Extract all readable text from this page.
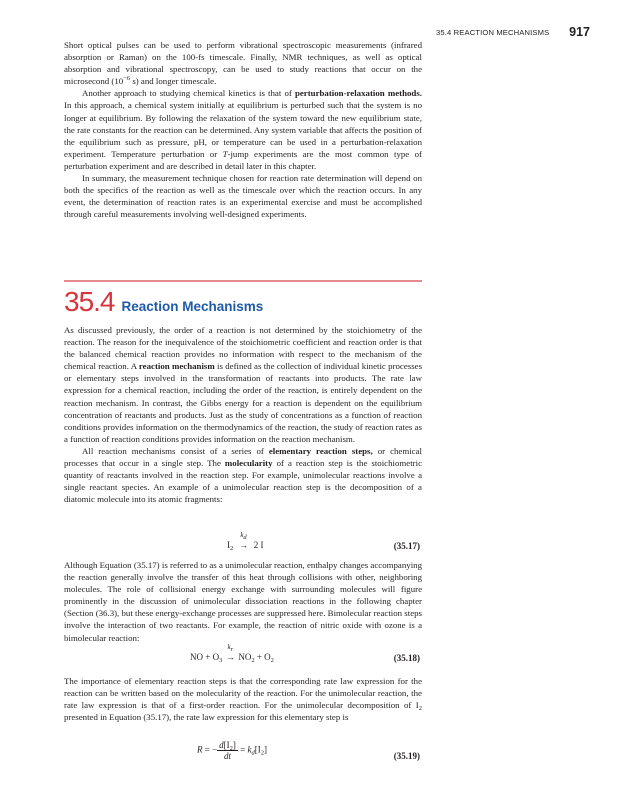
35.4 REACTION MECHANISMS 917

Short optical pulses can be used to perform vibrational spectroscopic measurements (infrared absorption or Raman) on the 100-fs timescale. Finally, NMR techniques, as well as optical absorption and vibrational spectroscopy, can be used to study reactions that occur on the microsecond ($10^{-6}$ s) and longer timescale.

Another approach to studying chemical kinetics is that of perturbation-relaxation methods. In this approach, a chemical system initially at equilibrium is perturbed such that the system is no longer at equilibrium. By following the relaxation of the system toward the new equilibrium state, the rate constants for the reaction can be determined. Any system variable that affects the position of the equilibrium such as pressure, pH, or temperature can be used in a perturbation-relaxation experiment. Temperature perturbation or T-jump experiments are the most common type of perturbation experiment and are described in detail later in this chapter.

In summary, the measurement technique chosen for reaction rate determination will depend on both the specifics of the reaction as well as the timescale over which the reaction occurs. In any event, the determination of reaction rates is an experimental exercise and must be accomplished through careful measurements involving well-designed experiments.

35.4 Reaction Mechanisms

As discussed previously, the order of a reaction is not determined by the stoichiometry of the reaction. The reason for the inequivalence of the stoichiometric coefficient and reaction order is that the balanced chemical reaction provides no information with respect to the mechanism of the chemical reaction. A reaction mechanism is defined as the collection of individual kinetic processes or elementary steps involved in the transformation of reactants into products. The rate law expression for a chemical reaction, including the order of the reaction, is entirely dependent on the reaction mechanism. In contrast, the Gibbs energy for a reaction is dependent on the equilibrium concentration of reactants and products. Just as the study of concentrations as a function of reaction conditions provides information on the thermodynamics of the reaction, the study of reaction rates as a function of reaction conditions provides information on the reaction mechanism.

All reaction mechanisms consist of a series of elementary reaction steps, or chemical processes that occur in a single step. The molecularity of a reaction step is the stoichiometric quantity of reactants involved in the reaction step. For example, unimolecular reactions involve a single reactant species. An example of a unimolecular reaction step is the decomposition of a diatomic molecule into its atomic fragments:

$I_2$
$k_d$
→ 2 I	(35.17)

Although Equation (35.17) is referred to as a unimolecular reaction, enthalpy changes accompanying the reaction generally involve the transfer of this heat through collisions with other, neighboring molecules. The role of collisional energy exchange with surrounding molecules will figure prominently in the discussion of unimolecular dissociation reactions in the following chapter (Section (36.3), but these energy-exchange processes are suppressed here. Bimolecular reaction steps involve the interaction of two reactants. For example, the reaction of nitric oxide with ozone is a bimolecular reaction:

NO + $O_3$
$k_r$
→ $NO_2 + O_2$	(35.18)

The importance of elementary reaction steps is that the corresponding rate law expression for the reaction can be written based on the molecularity of the reaction. For the unimolecular reaction, the rate law expression is that of a first-order reaction. For the unimolecular decomposition of $I_2$ presented in Equation (35.17), the rate law expression for this elementary step is

R = − $\frac{d[I_2]}{dt} = k_d[I_2]$
(35.19)
